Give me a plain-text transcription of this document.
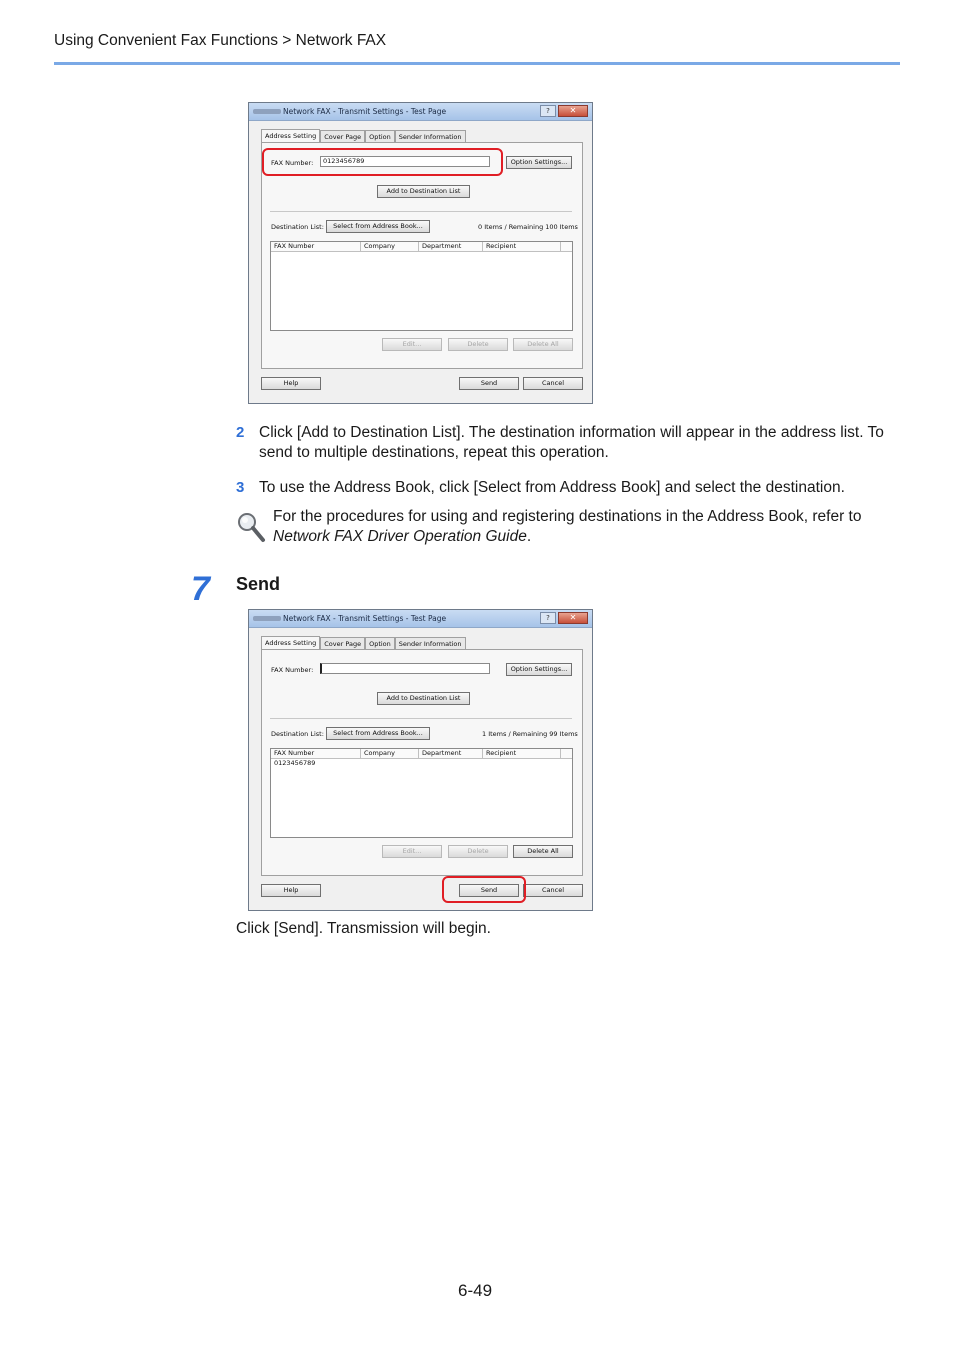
Using Convenient Fax Functions > Network FAX
Network FAX - Transmit Settings - Test Page	?	✕
Address Setting	Cover Page	Option	Sender Information
FAX Number:	0123456789	Option Settings...
Add to Destination List
Destination List:	Select from Address Book...	0 Items / Remaining 100 Items
FAX Number	Company	Department	Recipient
Edit...	Delete	Delete All
Help	Send	Cancel
2 Click [Add to Destination List]. The destination information will appear in the address list. To send to multiple destinations, repeat this operation.
3 To use the Address Book, click [Select from Address Book] and select the destination.
For the procedures for using and registering destinations in the Address Book, refer to Network FAX Driver Operation Guide.
7 Send
Network FAX - Transmit Settings - Test Page	?	✕
Address Setting	Cover Page	Option	Sender Information
FAX Number:	Option Settings...
Add to Destination List
Destination List:	Select from Address Book...	1 Items / Remaining 99 Items
FAX Number	Company	Department	Recipient
0123456789
Edit...	Delete	Delete All
Help	Send	Cancel
Click [Send]. Transmission will begin.
6-49
